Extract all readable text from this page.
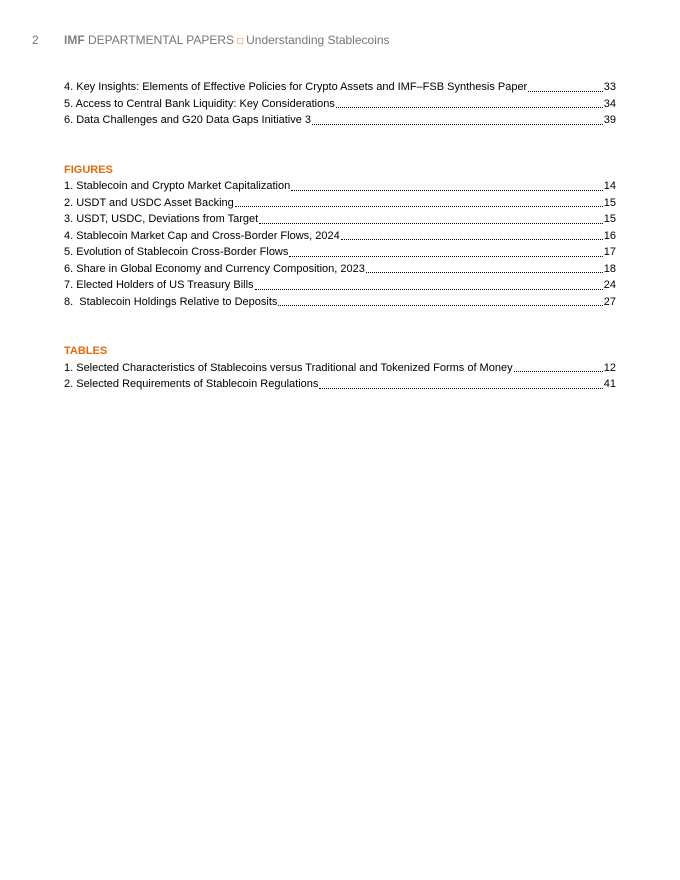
2 IMF DEPARTMENTAL PAPERS □ Understanding Stablecoins
4. Key Insights: Elements of Effective Policies for Crypto Assets and IMF–FSB Synthesis Paper	33
5. Access to Central Bank Liquidity: Key Considerations	34
6. Data Challenges and G20 Data Gaps Initiative 3	39
FIGURES
1. Stablecoin and Crypto Market Capitalization	14
2. USDT and USDC Asset Backing	15
3. USDT, USDC, Deviations from Target	15
4. Stablecoin Market Cap and Cross-Border Flows, 2024	16
5. Evolution of Stablecoin Cross-Border Flows	17
6. Share in Global Economy and Currency Composition, 2023	18
7. Elected Holders of US Treasury Bills	24
8.  Stablecoin Holdings Relative to Deposits	27
TABLES
1. Selected Characteristics of Stablecoins versus Traditional and Tokenized Forms of Money	12
2. Selected Requirements of Stablecoin Regulations	41
